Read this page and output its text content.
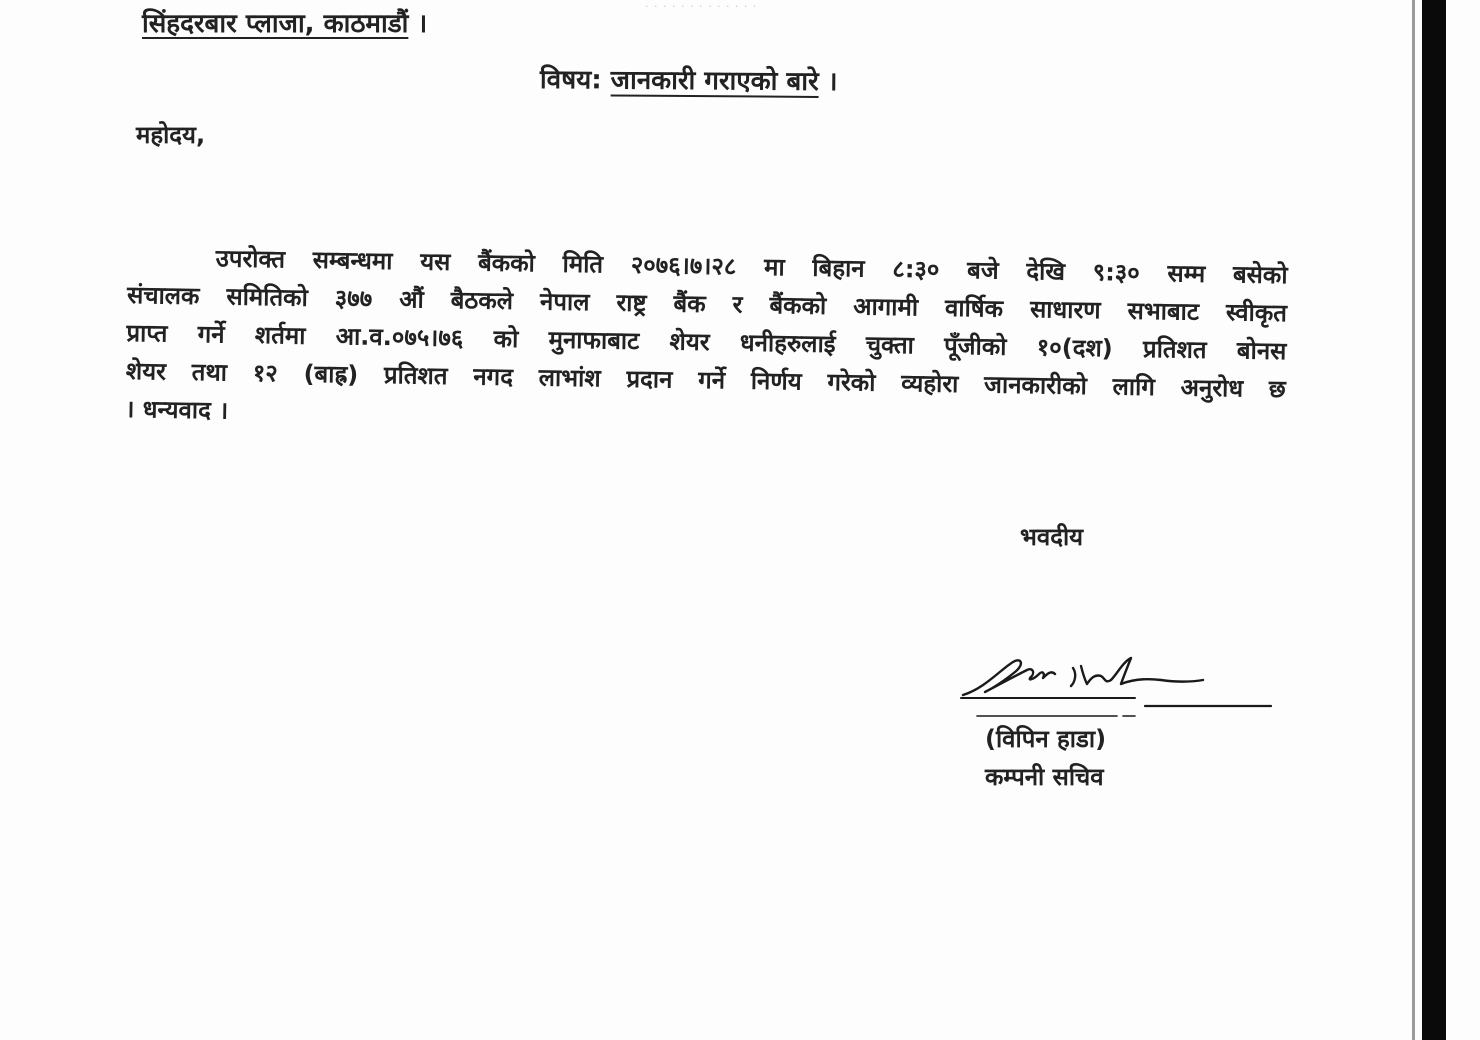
· · · · · · · · · · · · ·
सिंहदरबार प्लाजा, काठमाडौं ।
विषय: जानकारी गराएको बारे ।
महोदय,
उपरोक्त सम्बन्धमा यस बैंकको मिति २०७६।७।२८ मा बिहान ८:३० बजे देखि ९:३० सम्म बसेको
संचालक समितिको ३७७ औं बैठकले नेपाल राष्ट्र बैंक र बैंकको आगामी वार्षिक साधारण सभाबाट स्वीकृत
प्राप्त गर्ने शर्तमा आ.व.०७५।७६ को मुनाफाबाट शेयर धनीहरुलाई चुक्ता पूँजीको १०(दश) प्रतिशत बोनस
शेयर तथा १२ (बाह्र) प्रतिशत नगद लाभांश प्रदान गर्ने निर्णय गरेको व्यहोरा जानकारीको लागि अनुरोध छ
। धन्यवाद ।
भवदीय
(विपिन हाडा)
कम्पनी सचिव
